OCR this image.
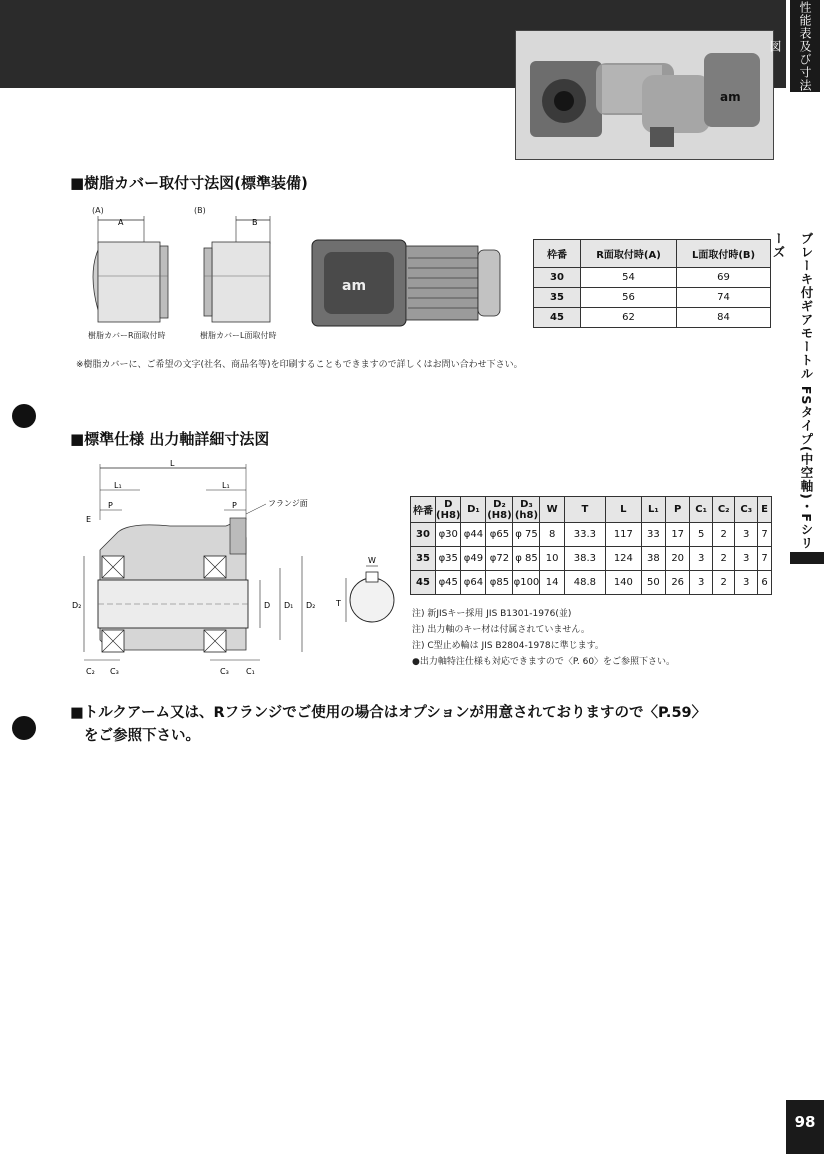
am
性能表及び寸法図
ブレーキ付ギアモートル FSタイプ(中空軸)・Fシリーズ
98
■樹脂カバー取付寸法図(標準装備)
(A)	(B)
A
樹脂カバーR面取付時
B
樹脂カバーL面取付時
am
枠番	R面取付時(A)	L面取付時(B)
30	54	69
35	56	74
45	62	84
※樹脂カバーに、ご希望の文字(社名、商品名等)を印刷することもできますので詳しくはお問い合わせ下さい。
■標準仕様 出力軸詳細寸法図
L
L₁	L₁
P	P
E
フランジ面
D D₁ D₂
D₂
C₂ C₃	C₃ C₁
W
T
枠番	D (H8)	D₁	D₂ (H8)	D₃ (h8)	W	T	L	L₁	P	C₁	C₂	C₃	E
30	φ30	φ44	φ65	φ 75	8	33.3	117	33	17	5	2	3	7
35	φ35	φ49	φ72	φ 85	10	38.3	124	38	20	3	2	3	7
45	φ45	φ64	φ85	φ100	14	48.8	140	50	26	3	2	3	6
注) 新JISキー採用 JIS B1301-1976(並)
注) 出力軸のキー材は付属されていません。
注) C型止め輪は JIS B2804-1978に準じます。
●出力軸特注仕様も対応できますので〈P. 60〉をご参照下さい。
■トルクアーム又は、Rフランジでご使用の場合はオプションが用意されておりますので〈P.59〉
をご参照下さい。
